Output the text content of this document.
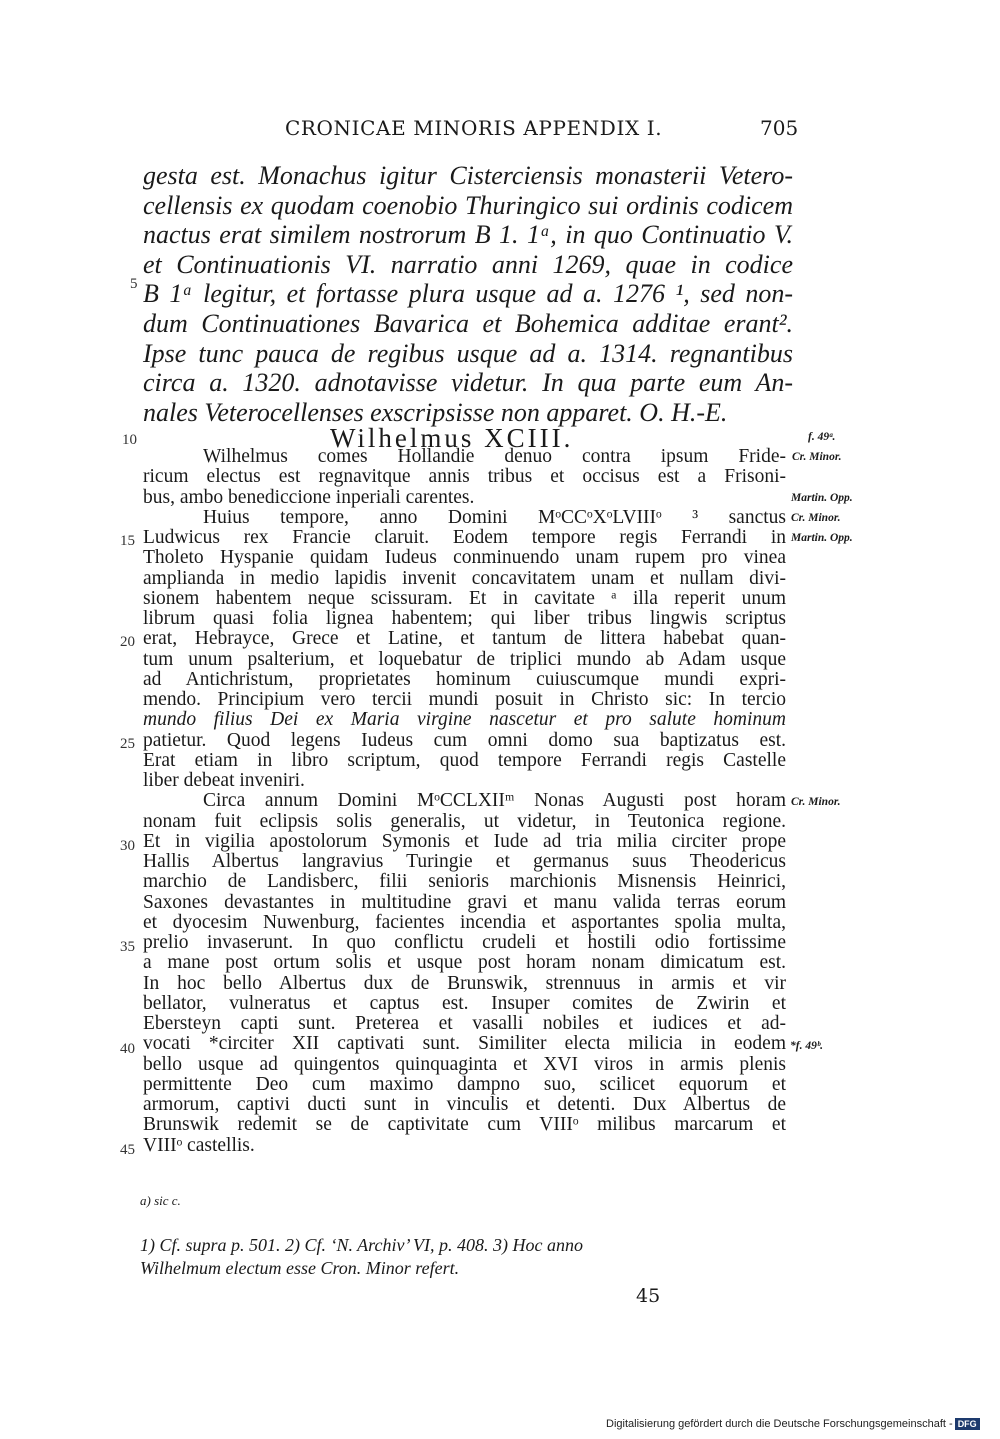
CRONICAE MINORIS APPENDIX I.	705
gesta est. Monachus igitur Cisterciensis monasterii Vetero-
cellensis ex quodam coenobio Thuringico sui ordinis codicem
nactus erat similem nostrorum B 1. 1ᵃ, in quo Continuatio V.
et Continuationis VI. narratio anni 1269, quae in codice
B 1ᵃ legitur, et fortasse plura usque ad a. 1276 ¹, sed non-
dum Continuationes Bavarica et Bohemica additae erant².
Ipse tunc pauca de regibus usque ad a. 1314. regnantibus
circa a. 1320. adnotavisse videtur. In qua parte eum An-
nales Veterocellenses exscripsisse non apparet. O. H.-E.
5
Wilhelmus XCIII.
10
15
20
25
30
35
40
45
f. 49ᵃ.
Cr. Minor.
Martin. Opp.
Cr. Minor.
Martin. Opp.
Cr. Minor.
*f. 49ᵇ.
Wilhelmus comes Hollandie denuo contra ipsum Fride-
ricum electus est regnavitque annis tribus et occisus est a Frisoni-
bus, ambo benediccione inperiali carentes.
Huius tempore, anno Domini MᵒCCᵒXᵒLVIIIᵒ ³ sanctus
Ludwicus rex Francie claruit. Eodem tempore regis Ferrandi in
Tholeto Hyspanie quidam Iudeus conminuendo unam rupem pro vinea
amplianda in medio lapidis invenit concavitatem unam et nullam divi-
sionem habentem neque scissuram. Et in cavitate ᵃ illa reperit unum
librum quasi folia lignea habentem; qui liber tribus lingwis scriptus
erat, Hebrayce, Grece et Latine, et tantum de littera habebat quan-
tum unum psalterium, et loquebatur de triplici mundo ab Adam usque
ad Antichristum, proprietates hominum cuiuscumque mundi expri-
mendo. Principium vero tercii mundi posuit in Christo sic: In tercio
mundo filius Dei ex Maria virgine nascetur et pro salute hominum
patietur. Quod legens Iudeus cum omni domo sua baptizatus est.
Erat etiam in libro scriptum, quod tempore Ferrandi regis Castelle
liber debeat inveniri.
Circa annum Domini MᵒCCLXIIᵐ Nonas Augusti post horam
nonam fuit eclipsis solis generalis, ut videtur, in Teutonica regione.
Et in vigilia apostolorum Symonis et Iude ad tria milia circiter prope
Hallis Albertus langravius Turingie et germanus suus Theodericus
marchio de Landisberc, filii senioris marchionis Misnensis Heinrici,
Saxones devastantes in multitudine gravi et manu valida terras eorum
et dyocesim Nuwenburg, facientes incendia et asportantes spolia multa,
prelio invaserunt. In quo conflictu crudeli et hostili odio fortissime
a mane post ortum solis et usque post horam nonam dimicatum est.
In hoc bello Albertus dux de Brunswik, strennuus in armis et vir
bellator, vulneratus et captus est. Insuper comites de Zwirin et
Ebersteyn capti sunt. Preterea et vasalli nobiles et iudices et ad-
vocati *circiter XII captivati sunt. Similiter electa milicia in eodem
bello usque ad quingentos quinquaginta et XVI viros in armis plenis
permittente Deo cum maximo dampno suo, scilicet equorum et
armorum, captivi ducti sunt in vinculis et detenti. Dux Albertus de
Brunswik redemit se de captivitate cum VIIIᵒ milibus marcarum et
VIIIᵒ castellis.
a) sic c.
1) Cf. supra p. 501. 2) Cf. ‘N. Archiv’ VI, p. 408. 3) Hoc anno
Wilhelmum electum esse Cron. Minor refert.
45
Digitalisierung gefördert durch die Deutsche Forschungsgemeinschaft - DFG
